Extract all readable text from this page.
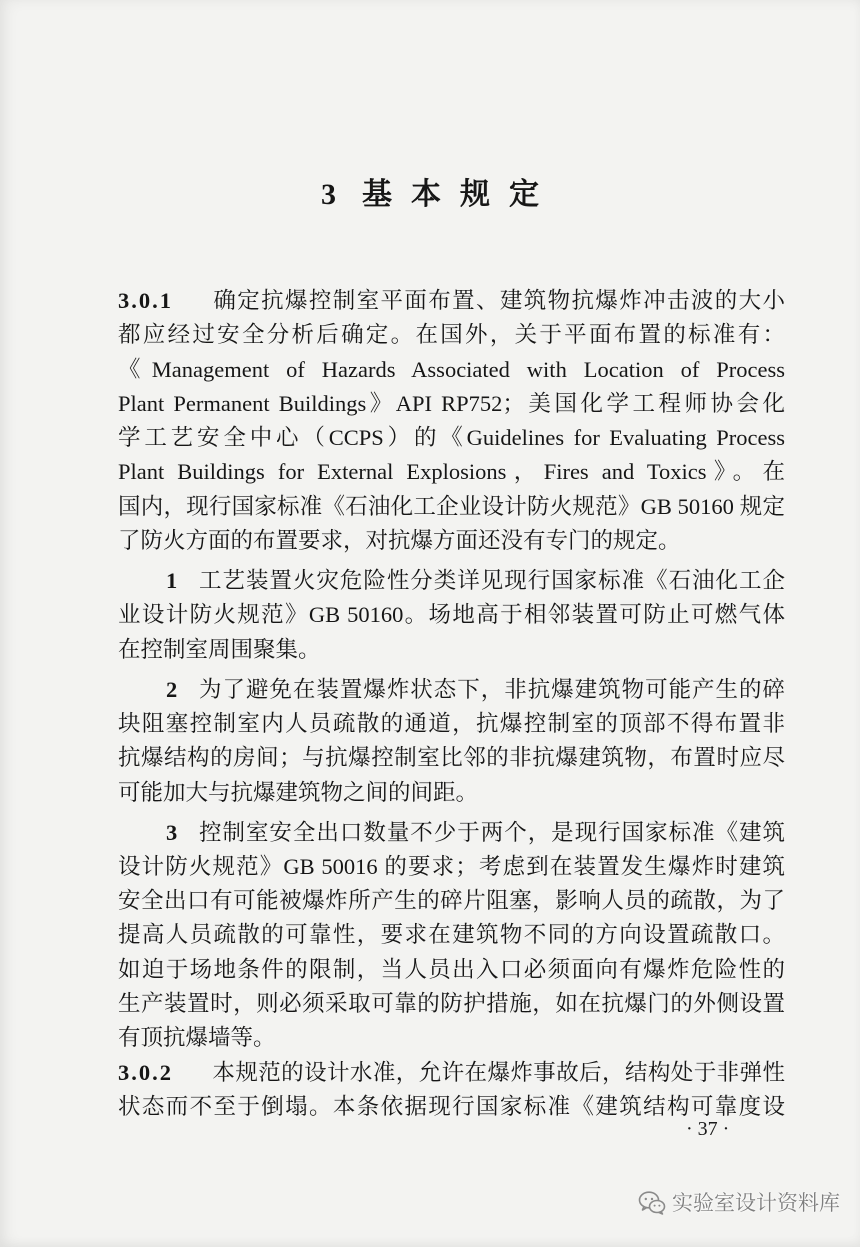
3 基本规定
3.0.1 确定抗爆控制室平面布置、建筑物抗爆炸冲击波的大小
都应经过安全分析后确定。在国外，关于平面布置的标准有：
《Management of Hazards Associated with Location of Process
Plant Permanent Buildings》API RP752；美国化学工程师协会化
学工艺安全中心（CCPS）的《Guidelines for Evaluating Process
Plant Buildings for External Explosions，Fires and Toxics》。在
国内，现行国家标准《石油化工企业设计防火规范》GB 50160 规定
了防火方面的布置要求，对抗爆方面还没有专门的规定。
1 工艺装置火灾危险性分类详见现行国家标准《石油化工企
业设计防火规范》GB 50160。场地高于相邻装置可防止可燃气体
在控制室周围聚集。
2 为了避免在装置爆炸状态下，非抗爆建筑物可能产生的碎
块阻塞控制室内人员疏散的通道，抗爆控制室的顶部不得布置非
抗爆结构的房间；与抗爆控制室比邻的非抗爆建筑物，布置时应尽
可能加大与抗爆建筑物之间的间距。
3 控制室安全出口数量不少于两个，是现行国家标准《建筑
设计防火规范》GB 50016 的要求；考虑到在装置发生爆炸时建筑
安全出口有可能被爆炸所产生的碎片阻塞，影响人员的疏散，为了
提高人员疏散的可靠性，要求在建筑物不同的方向设置疏散口。
如迫于场地条件的限制，当人员出入口必须面向有爆炸危险性的
生产装置时，则必须采取可靠的防护措施，如在抗爆门的外侧设置
有顶抗爆墙等。
3.0.2 本规范的设计水准，允许在爆炸事故后，结构处于非弹性
状态而不至于倒塌。本条依据现行国家标准《建筑结构可靠度设
· 37 ·
实验室设计资料库
